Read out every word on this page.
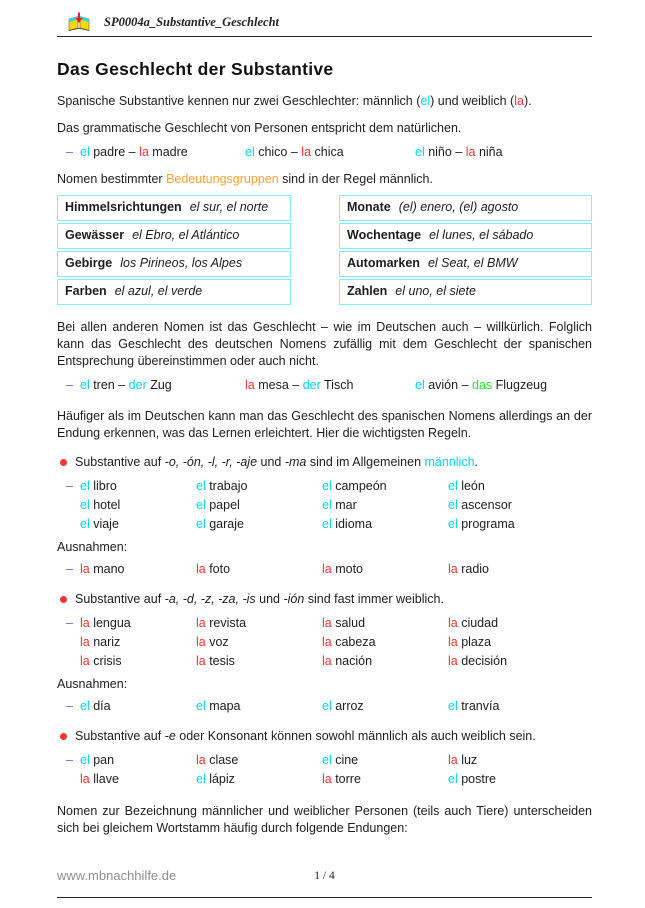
SP0004a_Substantive_Geschlecht
Das Geschlecht der Substantive

Spanische Substantive kennen nur zwei Geschlechter: männlich (el) und weiblich (la).

Das grammatische Geschlecht von Personen entspricht dem natürlichen.

– el padre – la madre	el chico – la chica	el niño – la niña

Nomen bestimmter Bedeutungsgruppen sind in der Regel männlich.

Himmelsrichtungen el sur, el norte
Gewässer el Ebro, el Atlántico
Gebirge los Pirineos, los Alpes
Farben el azul, el verde
Monate (el) enero, (el) agosto
Wochentage el lunes, el sábado
Automarken el Seat, el BMW
Zahlen el uno, el siete

Bei allen anderen Nomen ist das Geschlecht – wie im Deutschen auch – willkürlich. Folglich kann das Geschlecht des deutschen Nomens zufällig mit dem Geschlecht der spanischen Entsprechung übereinstimmen oder auch nicht.

– el tren – der Zug	la mesa – der Tisch	el avión – das Flugzeug

Häufiger als im Deutschen kann man das Geschlecht des spanischen Nomens allerdings an der Endung erkennen, was das Lernen erleichtert. Hier die wichtigsten Regeln.

Substantive auf -o, -ón, -l, -r, -aje und -ma sind im Allgemeinen männlich.
– el libro	el trabajo	el campeón	el león
el hotel	el papel	el mar	el ascensor
el viaje	el garaje	el idioma	el programa

Ausnahmen:

– la mano	la foto	la moto	la radio
Substantive auf -a, -d, -z, -za, -is und -ión sind fast immer weiblich.
– la lengua	la revista	la salud	la ciudad
la nariz	la voz	la cabeza	la plaza
la crisis	la tesis	la nación	la decisión

Ausnahmen:

– el día	el mapa	el arroz	el tranvía
Substantive auf -e oder Konsonant können sowohl männlich als auch weiblich sein.
– el pan	la clase	el cine	la luz
la llave	el lápiz	la torre	el postre

Nomen zur Bezeichnung männlicher und weiblicher Personen (teils auch Tiere) unterscheiden sich bei gleichem Wortstamm häufig durch folgende Endungen:

www.mbnachhilfe.de	1 / 4
